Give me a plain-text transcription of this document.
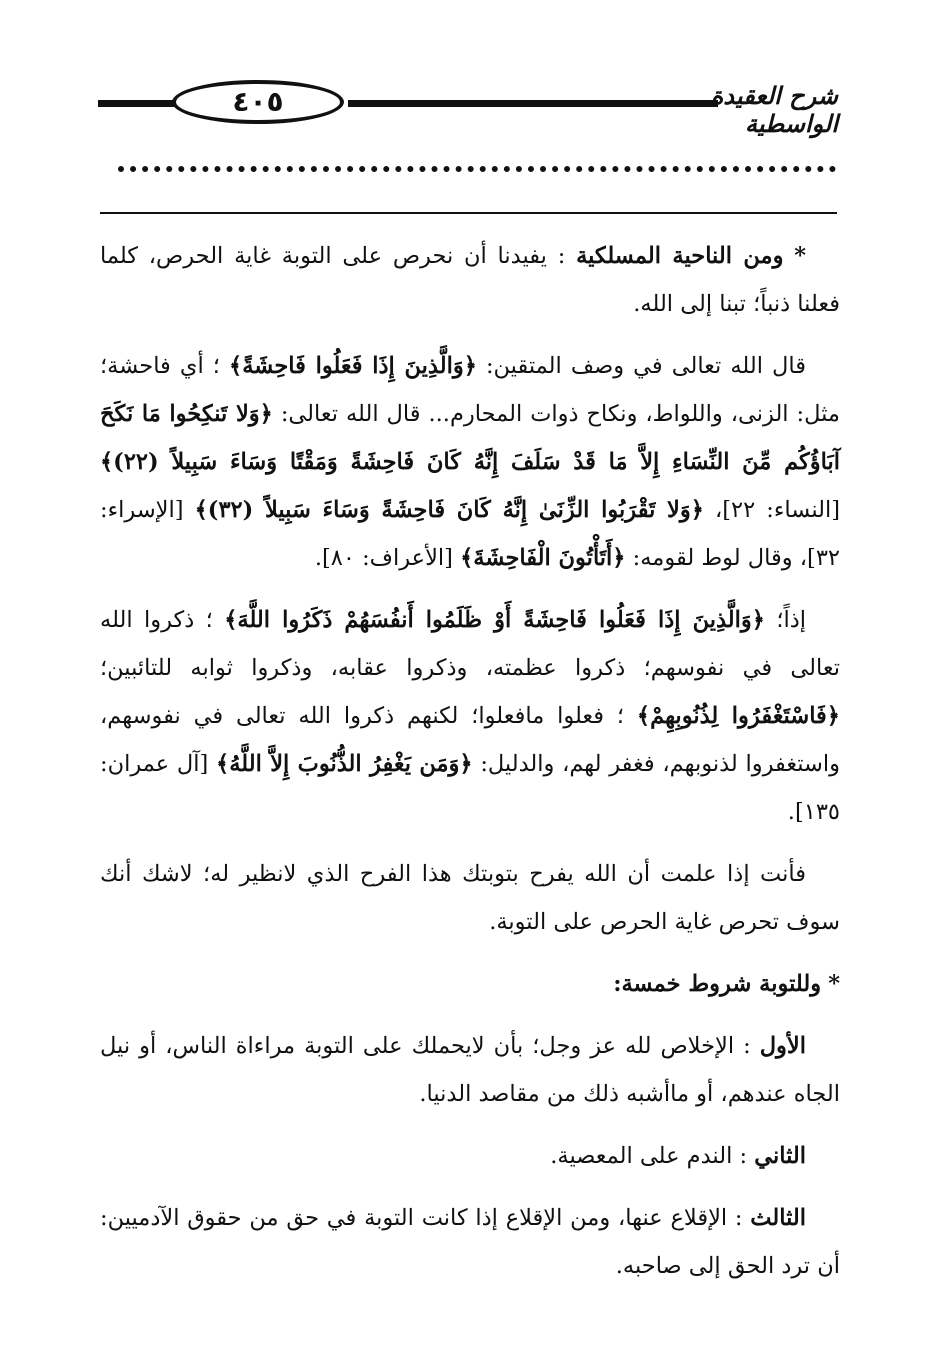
٤٠٥	شرح العقيدة الواسطية

* ومن الناحية المسلكية : يفيدنا أن نحرص على التوبة غاية الحرص، كلما فعلنا ذنباً؛ تبنا إلى الله.

قال الله تعالى في وصف المتقين: ﴿وَالَّذِينَ إِذَا فَعَلُوا فَاحِشَةً﴾ ؛ أي فاحشة؛ مثل: الزنى، واللواط، ونكاح ذوات المحارم... قال الله تعالى: ﴿وَلا تَنكِحُوا مَا نَكَحَ آبَاؤُكُم مِّنَ النِّسَاءِ إِلاَّ مَا قَدْ سَلَفَ إِنَّهُ كَانَ فَاحِشَةً وَمَقْتًا وَسَاءَ سَبِيلاً (٢٢)﴾ [النساء: ٢٢]، ﴿وَلا تَقْرَبُوا الزِّنَىٰ إِنَّهُ كَانَ فَاحِشَةً وَسَاءَ سَبِيلاً (٣٢)﴾ [الإسراء: ٣٢]، وقال لوط لقومه: ﴿أَتَأْتُونَ الْفَاحِشَةَ﴾ [الأعراف: ٨٠].

إذاً؛ ﴿وَالَّذِينَ إِذَا فَعَلُوا فَاحِشَةً أَوْ ظَلَمُوا أَنفُسَهُمْ ذَكَرُوا اللَّهَ﴾ ؛ ذكروا الله تعالى في نفوسهم؛ ذكروا عظمته، وذكروا عقابه، وذكروا ثوابه للتائبين؛ ﴿فَاسْتَغْفَرُوا لِذُنُوبِهِمْ﴾ ؛ فعلوا مافعلوا؛ لكنهم ذكروا الله تعالى في نفوسهم، واستغفروا لذنوبهم، فغفر لهم، والدليل: ﴿وَمَن يَغْفِرُ الذُّنُوبَ إِلاَّ اللَّهُ﴾ [آل عمران: ١٣٥].

فأنت إذا علمت أن الله يفرح بتوبتك هذا الفرح الذي لانظير له؛ لاشك أنك سوف تحرص غاية الحرص على التوبة.

* وللتوبة شروط خمسة:

الأول : الإخلاص لله عز وجل؛ بأن لايحملك على التوبة مراءاة الناس، أو نيل الجاه عندهم، أو ماأشبه ذلك من مقاصد الدنيا.

الثاني : الندم على المعصية.

الثالث : الإقلاع عنها، ومن الإقلاع إذا كانت التوبة في حق من حقوق الآدميين: أن ترد الحق إلى صاحبه.
